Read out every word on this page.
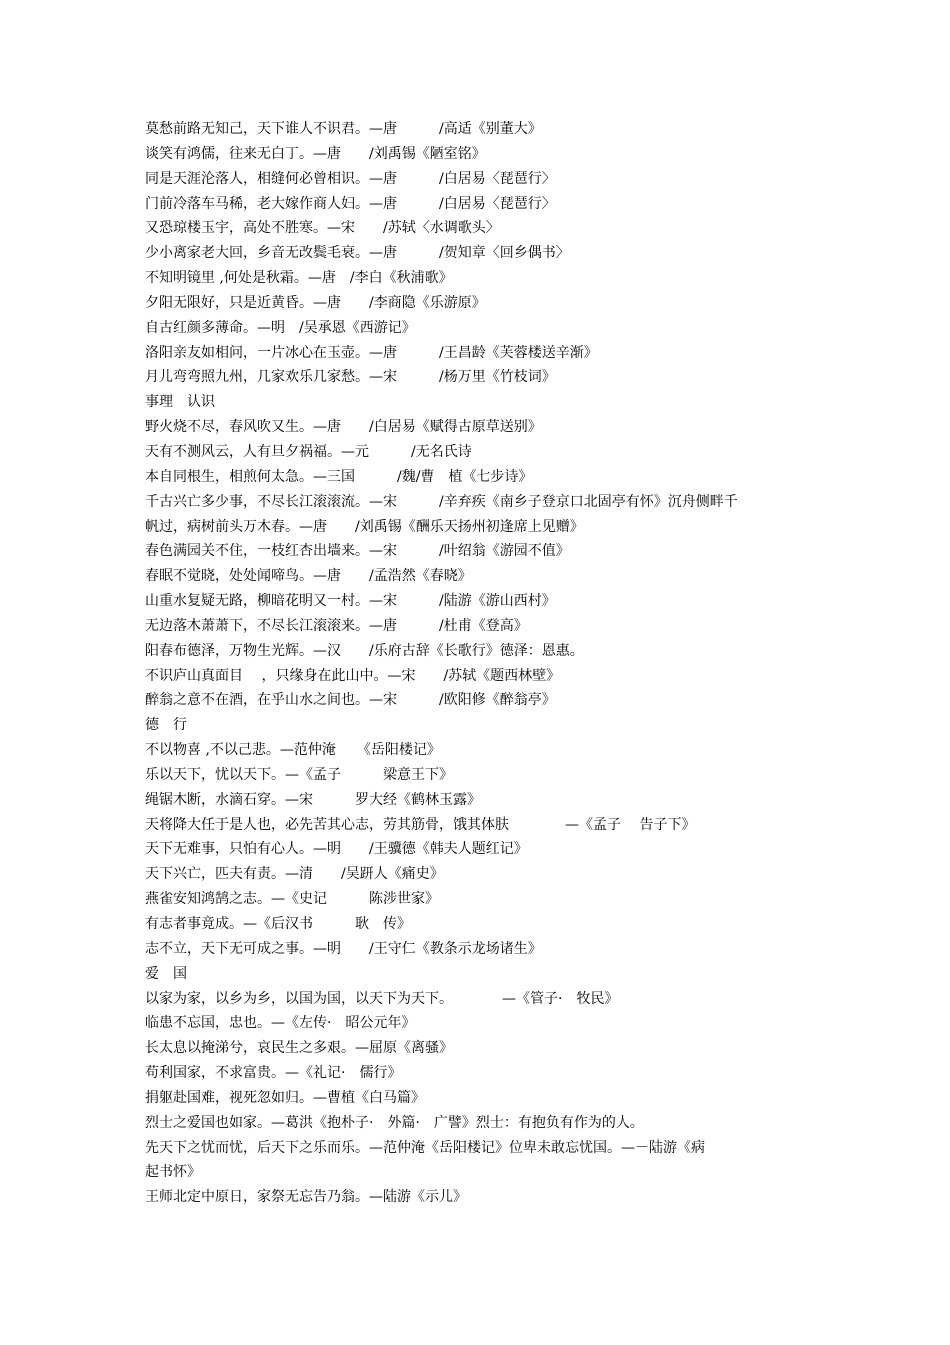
莫愁前路无知己，天下谁人不识君。—唐　　　/高适《别董大》
谈笑有鸿儒，往来无白丁。—唐　　/刘禹锡《陋室铭》
同是天涯沦落人，相缝何必曾相识。—唐　　　/白居易〈琵琶行〉
门前冷落车马稀，老大嫁作商人妇。—唐　　　/白居易〈琵琶行〉
又恐琼楼玉宇，高处不胜寒。—宋　　/苏轼〈水调歌头〉
少小离家老大回，乡音无改鬓毛衰。—唐　　　/贺知章〈回乡偶书〉
不知明镜里 ,何处是秋霜。—唐　/李白《秋浦歌》
夕阳无限好，只是近黄昏。—唐　　/李商隐《乐游原》
自古红颜多薄命。—明　/吴承恩《西游记》
洛阳亲友如相问，一片冰心在玉壶。—唐　　　/王昌龄《芙蓉楼送辛渐》
月儿弯弯照九州，几家欢乐几家愁。—宋　　　/杨万里《竹枝词》
事理　认识
野火烧不尽，春风吹又生。—唐　　/白居易《赋得古原草送别》
天有不测风云，人有旦夕祸福。—元　　　/无名氏诗
本自同根生，相煎何太急。—三国　　　/魏/曹　植《七步诗》
千古兴亡多少事，不尽长江滚滚流。—宋　　　/辛弃疾《南乡子登京口北固亭有怀》沉舟侧畔千
帆过，病树前头万木春。—唐　　/刘禹锡《酬乐天扬州初逢席上见赠》
春色满园关不住，一枝红杏出墙来。—宋　　　/叶绍翁《游园不值》
春眠不觉晓，处处闻啼鸟。—唐　　/孟浩然《春晓》
山重水复疑无路，柳暗花明又一村。—宋　　　/陆游《游山西村》
无边落木萧萧下，不尽长江滚滚来。—唐　　　/杜甫《登高》
阳春布德泽，万物生光辉。—汉　　/乐府古辞《长歌行》德泽：恩惠。
不识庐山真面目　 ，只缘身在此山中。—宋　　/苏轼《题西林壁》
醉翁之意不在酒，在乎山水之间也。—宋　　　/欧阳修《醉翁亭》
德　行
不以物喜 ,不以己悲。—范仲淹　　《岳阳楼记》
乐以天下，忧以天下。—《孟子　　　梁意王下》
绳锯木断，水滴石穿。—宋　　　罗大经《鹤林玉露》
天将降大任于是人也，必先苦其心志，劳其筋骨，饿其体肤　　　　—《孟子　 告子下》
天下无难事，只怕有心人。—明　　/王骥德《韩夫人题红记》
天下兴亡，匹夫有责。—清　　/吴趼人《痛史》
燕雀安知鸿鹄之志。—《史记　　　陈涉世家》
有志者事竟成。—《后汉书　　　耿　传》
志不立，天下无可成之事。—明　　/王守仁《教条示龙场诸生》
爱　国
以家为家，以乡为乡，以国为国，以天下为天下。　　　　—《管子·　牧民》
临患不忘国，忠也。—《左传·　昭公元年》
长太息以掩涕兮，哀民生之多艰。—屈原《离骚》
苟利国家，不求富贵。—《礼记·　儒行》
捐躯赴国难，视死忽如归。—曹植《白马篇》
烈士之爱国也如家。—葛洪《抱朴子·　外篇·　广譬》烈士：有抱负有作为的人。
先天下之忧而忧，后天下之乐而乐。—范仲淹《岳阳楼记》位卑未敢忘忧国。—－陆游《病
起书怀》
王师北定中原日，家祭无忘告乃翁。—陆游《示儿》
